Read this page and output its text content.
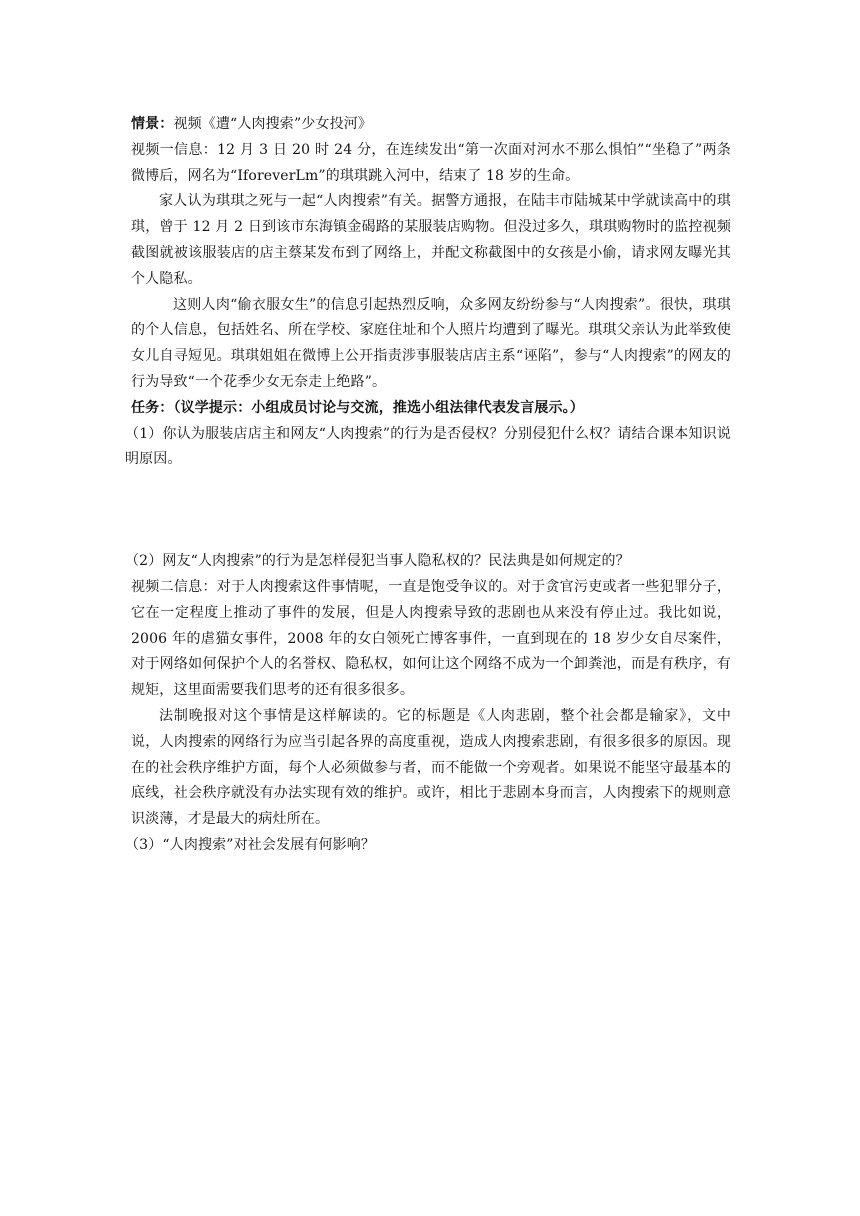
情景：视频《遭“人肉搜索”少女投河》

视频一信息：12 月 3 日 20 时 24 分，在连续发出“第一次面对河水不那么惧怕”“坐稳了”两条微博后，网名为“IforeverLm”的琪琪跳入河中，结束了 18 岁的生命。

家人认为琪琪之死与一起“人肉搜索”有关。据警方通报，在陆丰市陆城某中学就读高中的琪琪，曾于 12 月 2 日到该市东海镇金碣路的某服装店购物。但没过多久，琪琪购物时的监控视频截图就被该服装店的店主蔡某发布到了网络上，并配文称截图中的女孩是小偷，请求网友曝光其个人隐私。

这则人肉“偷衣服女生”的信息引起热烈反响，众多网友纷纷参与“人肉搜索”。很快，琪琪的个人信息，包括姓名、所在学校、家庭住址和个人照片均遭到了曝光。琪琪父亲认为此举致使女儿自寻短见。琪琪姐姐在微博上公开指责涉事服装店店主系“诬陷”，参与“人肉搜索”的网友的行为导致“一个花季少女无奈走上绝路”。

任务：（议学提示：小组成员讨论与交流，推选小组法律代表发言展示。）

（1）你认为服装店店主和网友“人肉搜索”的行为是否侵权？分别侵犯什么权？请结合课本知识说明原因。

（2）网友“人肉搜索”的行为是怎样侵犯当事人隐私权的？民法典是如何规定的？

视频二信息：对于人肉搜索这件事情呢，一直是饱受争议的。对于贪官污吏或者一些犯罪分子，它在一定程度上推动了事件的发展，但是人肉搜索导致的悲剧也从来没有停止过。我比如说，2006 年的虐猫女事件，2008 年的女白领死亡博客事件，一直到现在的 18 岁少女自尽案件，对于网络如何保护个人的名誉权、隐私权，如何让这个网络不成为一个卸粪池，而是有秩序，有规矩，这里面需要我们思考的还有很多很多。

法制晚报对这个事情是这样解读的。它的标题是《人肉悲剧，整个社会都是输家》，文中说，人肉搜索的网络行为应当引起各界的高度重视，造成人肉搜索悲剧，有很多很多的原因。现在的社会秩序维护方面，每个人必须做参与者，而不能做一个旁观者。如果说不能坚守最基本的底线，社会秩序就没有办法实现有效的维护。或许，相比于悲剧本身而言，人肉搜索下的规则意识淡薄，才是最大的病灶所在。

（3）“人肉搜索”对社会发展有何影响？
